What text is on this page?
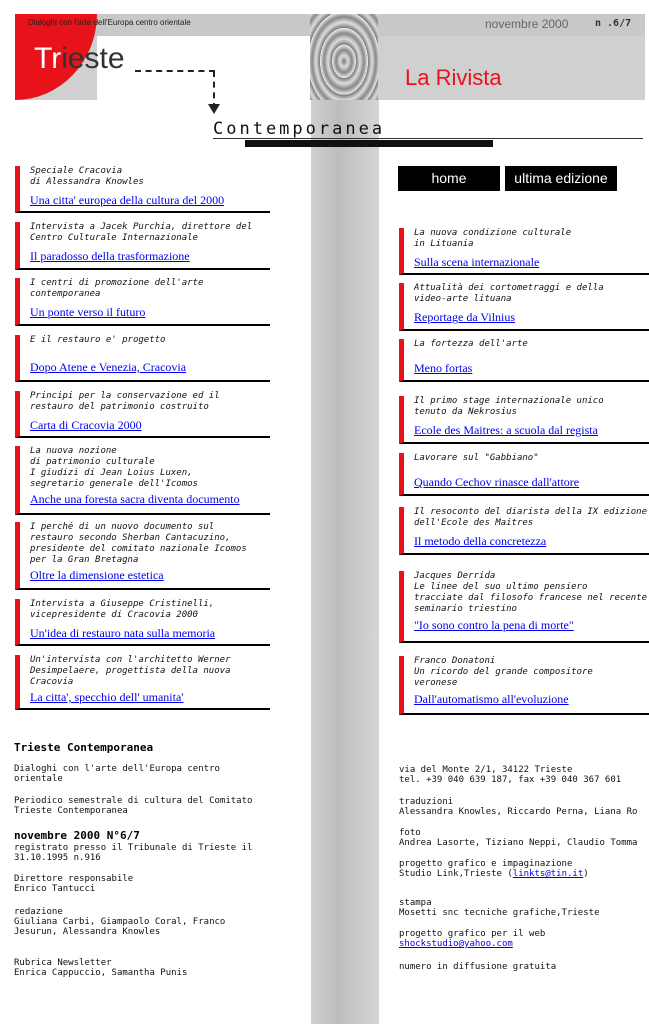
Dialoghi con l'arte dell'Europa centro orientale	novembre 2000	n .6/7
Trieste
La Rivista
Contemporanea
home	ultima edizione
Speciale Cracovia
di Alessandra Knowles
Una citta' europea della cultura del 2000
Intervista a Jacek Purchia, direttore del
Centro Culturale Internazionale
Il paradosso della trasformazione
I centri di promozione dell'arte
contemporanea
Un ponte verso il futuro
E il restauro e' progetto
Dopo Atene e Venezia, Cracovia
Principi per la conservazione ed il
restauro del patrimonio costruito
Carta di Cracovia 2000
La nuova nozione
di patrimonio culturale
I giudizi di Jean Loius Luxen,
segretario generale dell'Icomos
Anche una foresta sacra diventa documento
I perché di un nuovo documento sul
restauro secondo Sherban Cantacuzino,
presidente del comitato nazionale Icomos
per la Gran Bretagna
Oltre la dimensione estetica
Intervista a Giuseppe Cristinelli,
vicepresidente di Cracovia 2000
Un'idea di restauro nata sulla memoria
Un'intervista con l'architetto Werner
Desimpelaere, progettista della nuova
Cracovia
La citta', specchio dell' umanita'
La nuova condizione culturale
in Lituania
Sulla scena internazionale
Attualità dei cortometraggi e della
video-arte lituana
Reportage da Vilnius
La fortezza dell'arte
Meno fortas
Il primo stage internazionale unico
tenuto da Nekrosius
Ecole des Maitres: a scuola dal regista
Lavorare sul "Gabbiano"
Quando Cechov rinasce dall'attore
Il resoconto del diarista della IX edizione
dell'Ecole des Maitres
Il metodo della concretezza
Jacques Derrida
Le linee del suo ultimo pensiero
tracciate dal filosofo francese nel recente
seminario triestino
"Io sono contro la pena di morte"
Franco Donatoni
Un ricordo del grande compositore
veronese
Dall'automatismo all'evoluzione
Trieste Contemporanea
Dialoghi con l'arte dell'Europa centro
orientale
Periodico semestrale di cultura del Comitato
Trieste Contemporanea
novembre 2000 N°6/7
registrato presso il Tribunale di Trieste il
31.10.1995 n.916
Direttore responsabile
Enrico Tantucci
redazione
Giuliana Carbi, Giampaolo Coral, Franco
Jesurun, Alessandra Knowles
Rubrica Newsletter
Enrica Cappuccio, Samantha Punis
via del Monte 2/1, 34122 Trieste
tel. +39 040 639 187, fax +39 040 367 601
traduzioni
Alessandra Knowles, Riccardo Perna, Liana Ro
foto
Andrea Lasorte, Tiziano Neppi, Claudio Tomma
progetto grafico e impaginazione
Studio Link,Trieste (linkts@tin.it)
stampa
Mosetti snc tecniche grafiche,Trieste
progetto grafico per il web
shockstudio@yahoo.com
numero in diffusione gratuita
